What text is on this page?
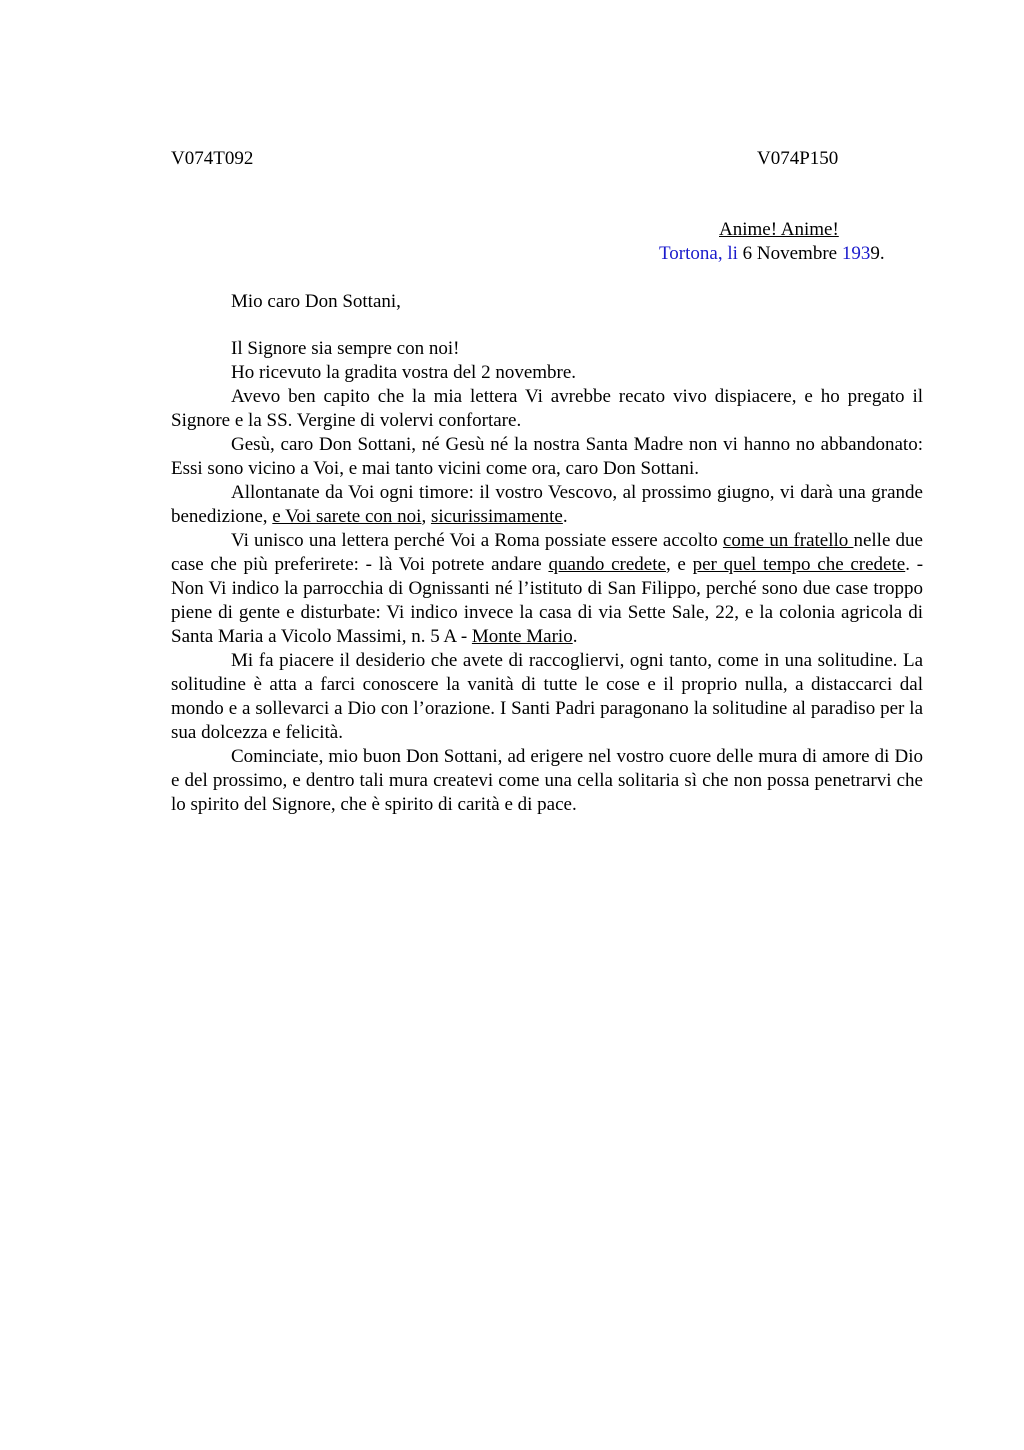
V074T092	V074P150
Anime! Anime!
Tortona, li 6 Novembre 1939.
Mio caro Don Sottani,

Il Signore sia sempre con noi!

Ho ricevuto la gradita vostra del 2 novembre.

Avevo ben capito che la mia lettera Vi avrebbe recato vivo dispiacere, e ho pregato il Signore e la SS. Vergine di volervi confortare.

Gesù, caro Don Sottani, né Gesù né la nostra Santa Madre non vi hanno no abbandonato: Essi sono vicino a Voi, e mai tanto vicini come ora, caro Don Sottani.

Allontanate da Voi ogni timore: il vostro Vescovo, al prossimo giugno, vi darà una grande benedizione, e Voi sarete con noi, sicurissimamente.

Vi unisco una lettera perché Voi a Roma possiate essere accolto come un fratello nelle due case che più preferirete: - là Voi potrete andare quando credete, e per quel tempo che credete. - Non Vi indico la parrocchia di Ognissanti né l’istituto di San Filippo, perché sono due case troppo piene di gente e disturbate: Vi indico invece la casa di via Sette Sale, 22, e la colonia agricola di Santa Maria a Vicolo Massimi, n. 5 A - Monte Mario.

Mi fa piacere il desiderio che avete di raccogliervi, ogni tanto, come in una solitudine. La solitudine è atta a farci conoscere la vanità di tutte le cose e il proprio nulla, a distaccarci dal mondo e a sollevarci a Dio con l’orazione. I Santi Padri paragonano la solitudine al paradiso per la sua dolcezza e felicità.

Cominciate, mio buon Don Sottani, ad erigere nel vostro cuore delle mura di amore di Dio e del prossimo, e dentro tali mura createvi come una cella solitaria sì che non possa penetrarvi che lo spirito del Signore, che è spirito di carità e di pace.
